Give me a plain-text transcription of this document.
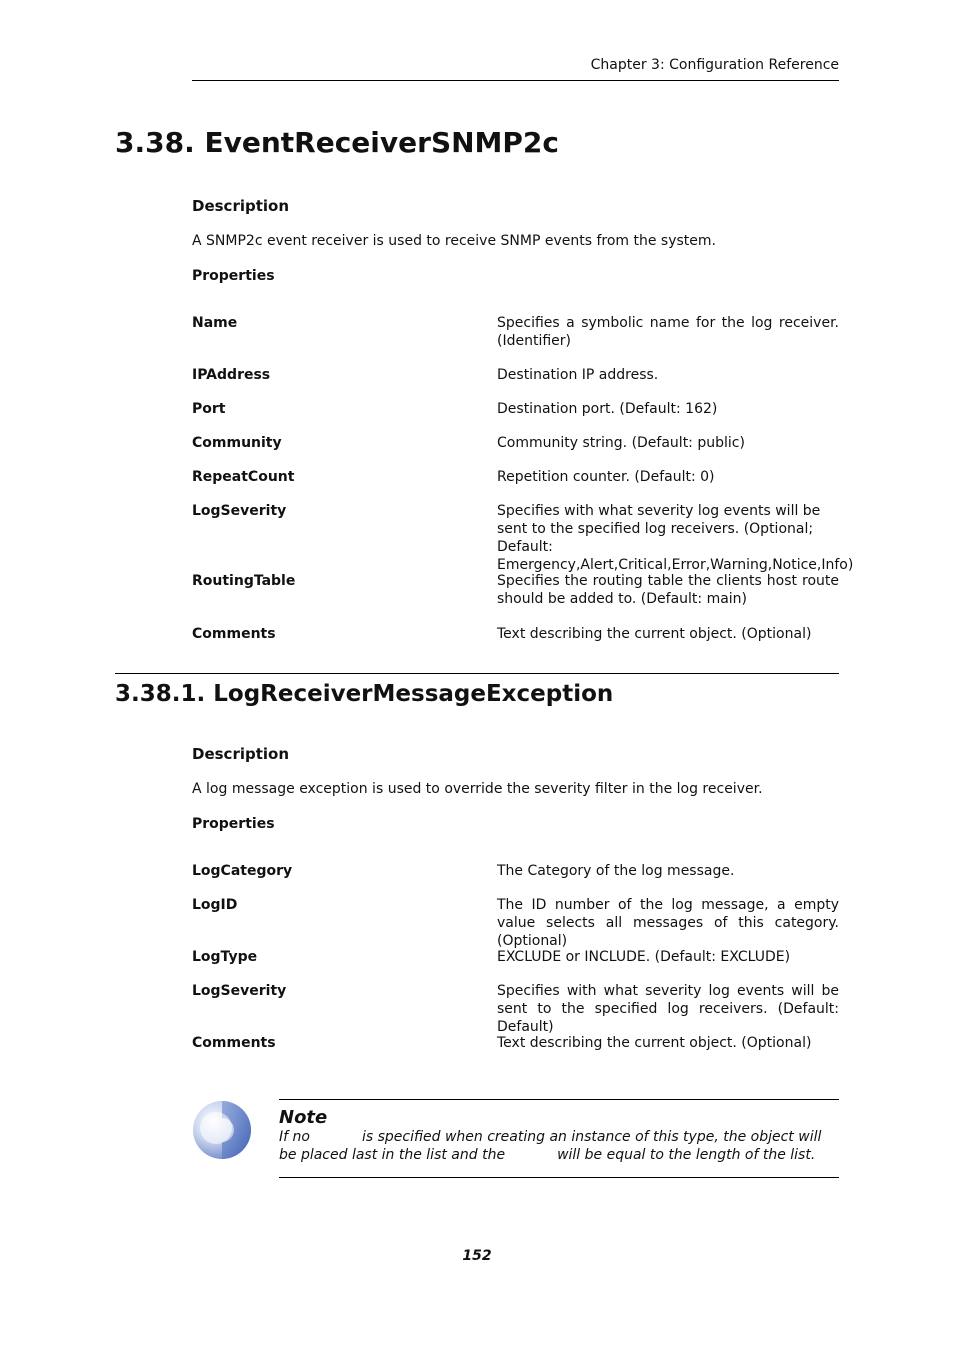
Chapter 3: Configuration Reference
3.38. EventReceiverSNMP2c
Description
A SNMP2c event receiver is used to receive SNMP events from the system.
Properties
Name	Specifies a symbolic name for the log receiver. (Identifier)
IPAddress	Destination IP address.
Port	Destination port. (Default: 162)
Community	Community string. (Default: public)
RepeatCount	Repetition counter. (Default: 0)
LogSeverity	Specifies with what severity log events will be sent to the specified log receivers. (Optional; Default: Emergency,Alert,Critical,Error,Warning,Notice,Info)
RoutingTable	Specifies the routing table the clients host route should be added to. (Default: main)
Comments	Text describing the current object. (Optional)
3.38.1. LogReceiverMessageException
Description
A log message exception is used to override the severity filter in the log receiver.
Properties
LogCategory	The Category of the log message.
LogID	The ID number of the log message, a empty value selects all messages of this category. (Optional)
LogType	EXCLUDE or INCLUDE. (Default: EXCLUDE)
LogSeverity	Specifies with what severity log events will be sent to the specified log receivers. (Default: Default)
Comments	Text describing the current object. (Optional)
Note
If no	is specified when creating an instance of this type, the object will be placed last in the list and the	will be equal to the length of the list.
152
